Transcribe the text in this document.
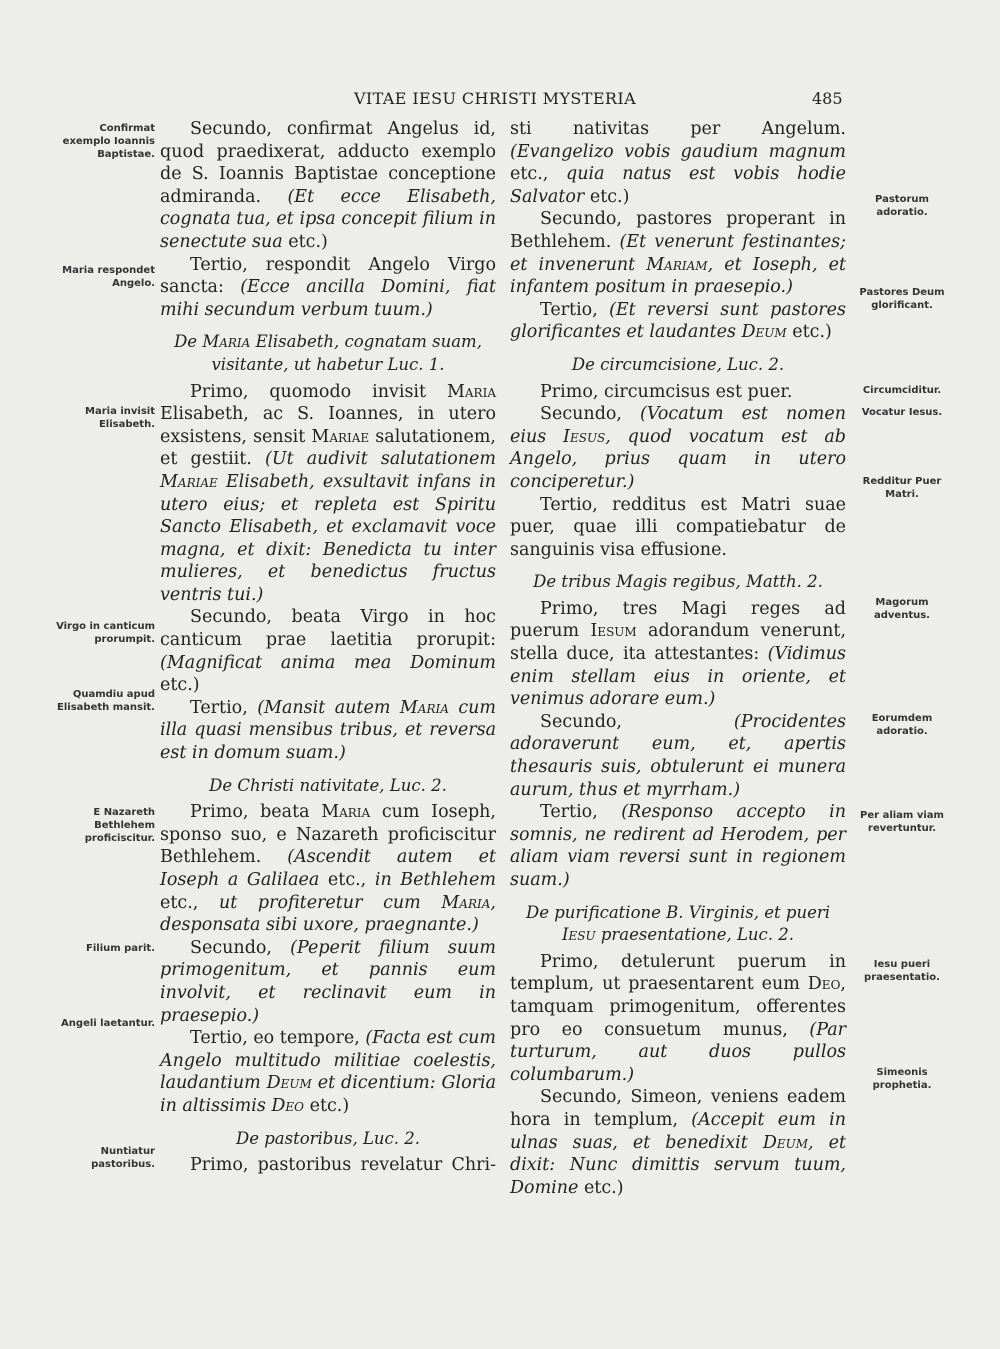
VITAE IESU CHRISTI MYSTERIA	485
Confirmat exemplo Ioannis Baptistae.
Maria respondet Angelo.
Maria invisit Elisabeth.
Virgo in canticum prorumpit.
Quamdiu apud Elisabeth mansit.
E Nazareth Bethlehem proficiscitur.
Filium parit.
Angeli laetantur.
Nuntiatur pastoribus.
Pastorum adoratio.
Pastores Deum glorificant.
Circumciditur.
Vocatur Iesus.
Redditur Puer Matri.
Magorum adventus.
Eorumdem adoratio.
Per aliam viam revertuntur.
Iesu pueri praesentatio.
Simeonis prophetia.

Secundo, confirmat Angelus id, quod praedixerat, adducto exemplo de S. Ioannis Baptistae conceptione admiranda. (Et ecce Elisabeth, cognata tua, et ipsa concepit filium in senectute sua etc.)

Tertio, respondit Angelo Virgo sancta: (Ecce ancilla Domini, fiat mihi secundum verbum tuum.)

De Maria Elisabeth, cognatam suam, visitante, ut habetur Luc. 1.

Primo, quomodo invisit Maria Elisabeth, ac S. Ioannes, in utero exsistens, sensit Mariae salutationem, et gestiit. (Ut audivit salutationem Mariae Elisabeth, exsultavit infans in utero eius; et repleta est Spiritu Sancto Elisabeth, et exclamavit voce magna, et dixit: Benedicta tu inter mulieres, et benedictus fructus ventris tui.)

Secundo, beata Virgo in hoc canticum prae laetitia prorupit: (Magnificat anima mea Dominum etc.)

Tertio, (Mansit autem Maria cum illa quasi mensibus tribus, et reversa est in domum suam.)

De Christi nativitate, Luc. 2.

Primo, beata Maria cum Ioseph, sponso suo, e Nazareth proficiscitur Bethlehem. (Ascendit autem et Ioseph a Galilaea etc., in Bethlehem etc., ut profiteretur cum Maria, desponsata sibi uxore, praegnante.)

Secundo, (Peperit filium suum primogenitum, et pannis eum involvit, et reclinavit eum in praesepio.)

Tertio, eo tempore, (Facta est cum Angelo multitudo militiae coelestis, laudantium Deum et dicentium: Gloria in altissimis Deo etc.)

De pastoribus, Luc. 2.

Primo, pastoribus revelatur Chri-

sti nativitas per Angelum. (Evangelizo vobis gaudium magnum etc., quia natus est vobis hodie Salvator etc.)

Secundo, pastores properant in Bethlehem. (Et venerunt festinantes; et invenerunt Mariam, et Ioseph, et infantem positum in praesepio.)

Tertio, (Et reversi sunt pastores glorificantes et laudantes Deum etc.)

De circumcisione, Luc. 2.

Primo, circumcisus est puer.

Secundo, (Vocatum est nomen eius Iesus, quod vocatum est ab Angelo, prius quam in utero conciperetur.)

Tertio, redditus est Matri suae puer, quae illi compatiebatur de sanguinis visa effusione.

De tribus Magis regibus, Matth. 2.

Primo, tres Magi reges ad puerum Iesum adorandum venerunt, stella duce, ita attestantes: (Vidimus enim stellam eius in oriente, et venimus adorare eum.)

Secundo, (Procidentes adoraverunt eum, et, apertis thesauris suis, obtulerunt ei munera aurum, thus et myrrham.)

Tertio, (Responso accepto in somnis, ne redirent ad Herodem, per aliam viam reversi sunt in regionem suam.)

De purificatione B. Virginis, et pueri Iesu praesentatione, Luc. 2.

Primo, detulerunt puerum in templum, ut praesentarent eum Deo, tamquam primogenitum, offerentes pro eo consuetum munus, (Par turturum, aut duos pullos columbarum.)

Secundo, Simeon, veniens eadem hora in templum, (Accepit eum in ulnas suas, et benedixit Deum, et dixit: Nunc dimittis servum tuum, Domine etc.)
